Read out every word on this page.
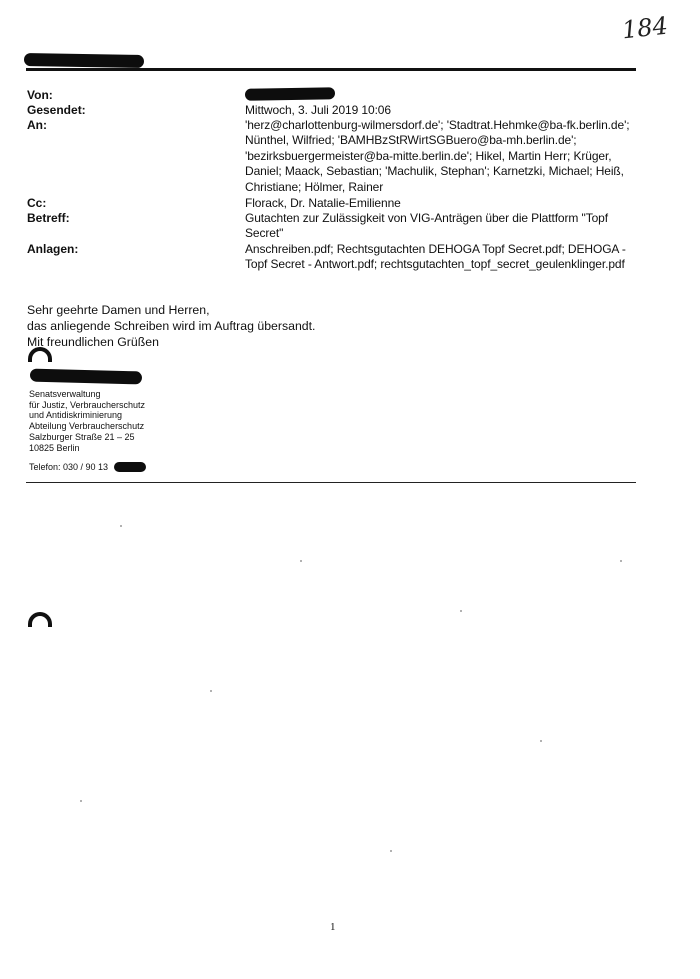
184
Von:
Gesendet:	Mittwoch, 3. Juli 2019 10:06
An:	'herz@charlottenburg-wilmersdorf.de'; 'Stadtrat.Hehmke@ba-fk.berlin.de';
Nünthel, Wilfried; 'BAMHBzStRWirtSGBuero@ba-mh.berlin.de';
'bezirksbuergermeister@ba-mitte.berlin.de'; Hikel, Martin Herr; Krüger,
Daniel; Maack, Sebastian; 'Machulik, Stephan'; Karnetzki, Michael; Heiß,
Christiane; Hölmer, Rainer
Cc:	Florack, Dr. Natalie-Emilienne
Betreff:	Gutachten zur Zulässigkeit von VIG-Anträgen über die Plattform "Topf
Secret"
Anlagen:	Anschreiben.pdf; Rechtsgutachten DEHOGA Topf Secret.pdf; DEHOGA -
Topf Secret - Antwort.pdf; rechtsgutachten_topf_secret_geulenklinger.pdf
Sehr geehrte Damen und Herren,
das anliegende Schreiben wird im Auftrag übersandt.
Mit freundlichen Grüßen
Senatsverwaltung
für Justiz, Verbraucherschutz
und Antidiskriminierung
Abteilung Verbraucherschutz
Salzburger Straße 21 – 25
10825 Berlin
Telefon: 030 / 90 13
1
